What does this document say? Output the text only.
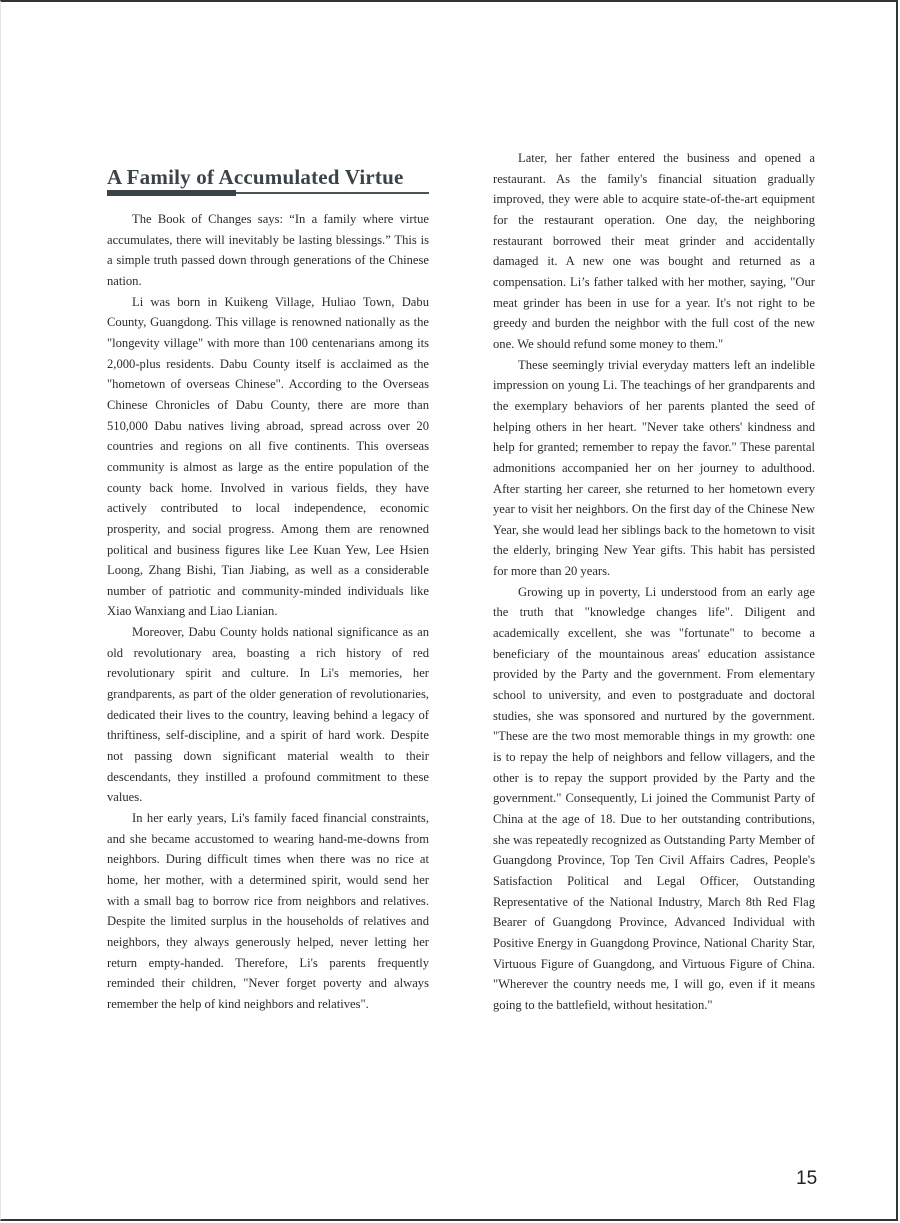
A Family of Accumulated Virtue

The Book of Changes says: “In a family where virtue accumulates, there will inevitably be lasting blessings.” This is a simple truth passed down through generations of the Chinese nation.

Li was born in Kuikeng Village, Huliao Town, Dabu County, Guangdong. This village is renowned nationally as the "longevity village" with more than 100 centenarians among its 2,000-plus residents. Dabu County itself is acclaimed as the "hometown of overseas Chinese". According to the Overseas Chinese Chronicles of Dabu County, there are more than 510,000 Dabu natives living abroad, spread across over 20 countries and regions on all five continents. This overseas community is almost as large as the entire population of the county back home. Involved in various fields, they have actively contributed to local independence, economic prosperity, and social progress. Among them are renowned political and business figures like Lee Kuan Yew, Lee Hsien Loong, Zhang Bishi, Tian Jiabing, as well as a considerable number of patriotic and community-minded individuals like Xiao Wanxiang and Liao Lianian.

Moreover, Dabu County holds national significance as an old revolutionary area, boasting a rich history of red revolutionary spirit and culture. In Li's memories, her grandparents, as part of the older generation of revolutionaries, dedicated their lives to the country, leaving behind a legacy of thriftiness, self-discipline, and a spirit of hard work. Despite not passing down significant material wealth to their descendants, they instilled a profound commitment to these values.

In her early years, Li's family faced financial constraints, and she became accustomed to wearing hand-me-downs from neighbors. During difficult times when there was no rice at home, her mother, with a determined spirit, would send her with a small bag to borrow rice from neighbors and relatives. Despite the limited surplus in the households of relatives and neighbors, they always generously helped, never letting her return empty-handed. Therefore, Li's parents frequently reminded their children, "Never forget poverty and always remember the help of kind neighbors and relatives".

Later, her father entered the business and opened a restaurant. As the family's financial situation gradually improved, they were able to acquire state-of-the-art equipment for the restaurant operation. One day, the neighboring restaurant borrowed their meat grinder and accidentally damaged it. A new one was bought and returned as a compensation. Li’s father talked with her mother, saying, "Our meat grinder has been in use for a year. It's not right to be greedy and burden the neighbor with the full cost of the new one. We should refund some money to them."

These seemingly trivial everyday matters left an indelible impression on young Li. The teachings of her grandparents and the exemplary behaviors of her parents planted the seed of helping others in her heart. "Never take others' kindness and help for granted; remember to repay the favor." These parental admonitions accompanied her on her journey to adulthood. After starting her career, she returned to her hometown every year to visit her neighbors. On the first day of the Chinese New Year, she would lead her siblings back to the hometown to visit the elderly, bringing New Year gifts. This habit has persisted for more than 20 years.

Growing up in poverty, Li understood from an early age the truth that "knowledge changes life". Diligent and academically excellent, she was "fortunate" to become a beneficiary of the mountainous areas' education assistance provided by the Party and the government. From elementary school to university, and even to postgraduate and doctoral studies, she was sponsored and nurtured by the government. "These are the two most memorable things in my growth: one is to repay the help of neighbors and fellow villagers, and the other is to repay the support provided by the Party and the government." Consequently, Li joined the Communist Party of China at the age of 18. Due to her outstanding contributions, she was repeatedly recognized as Outstanding Party Member of Guangdong Province, Top Ten Civil Affairs Cadres, People's Satisfaction Political and Legal Officer, Outstanding Representative of the National Industry, March 8th Red Flag Bearer of Guangdong Province, Advanced Individual with Positive Energy in Guangdong Province, National Charity Star, Virtuous Figure of Guangdong, and Virtuous Figure of China. "Wherever the country needs me, I will go, even if it means going to the battlefield, without hesitation."

15
